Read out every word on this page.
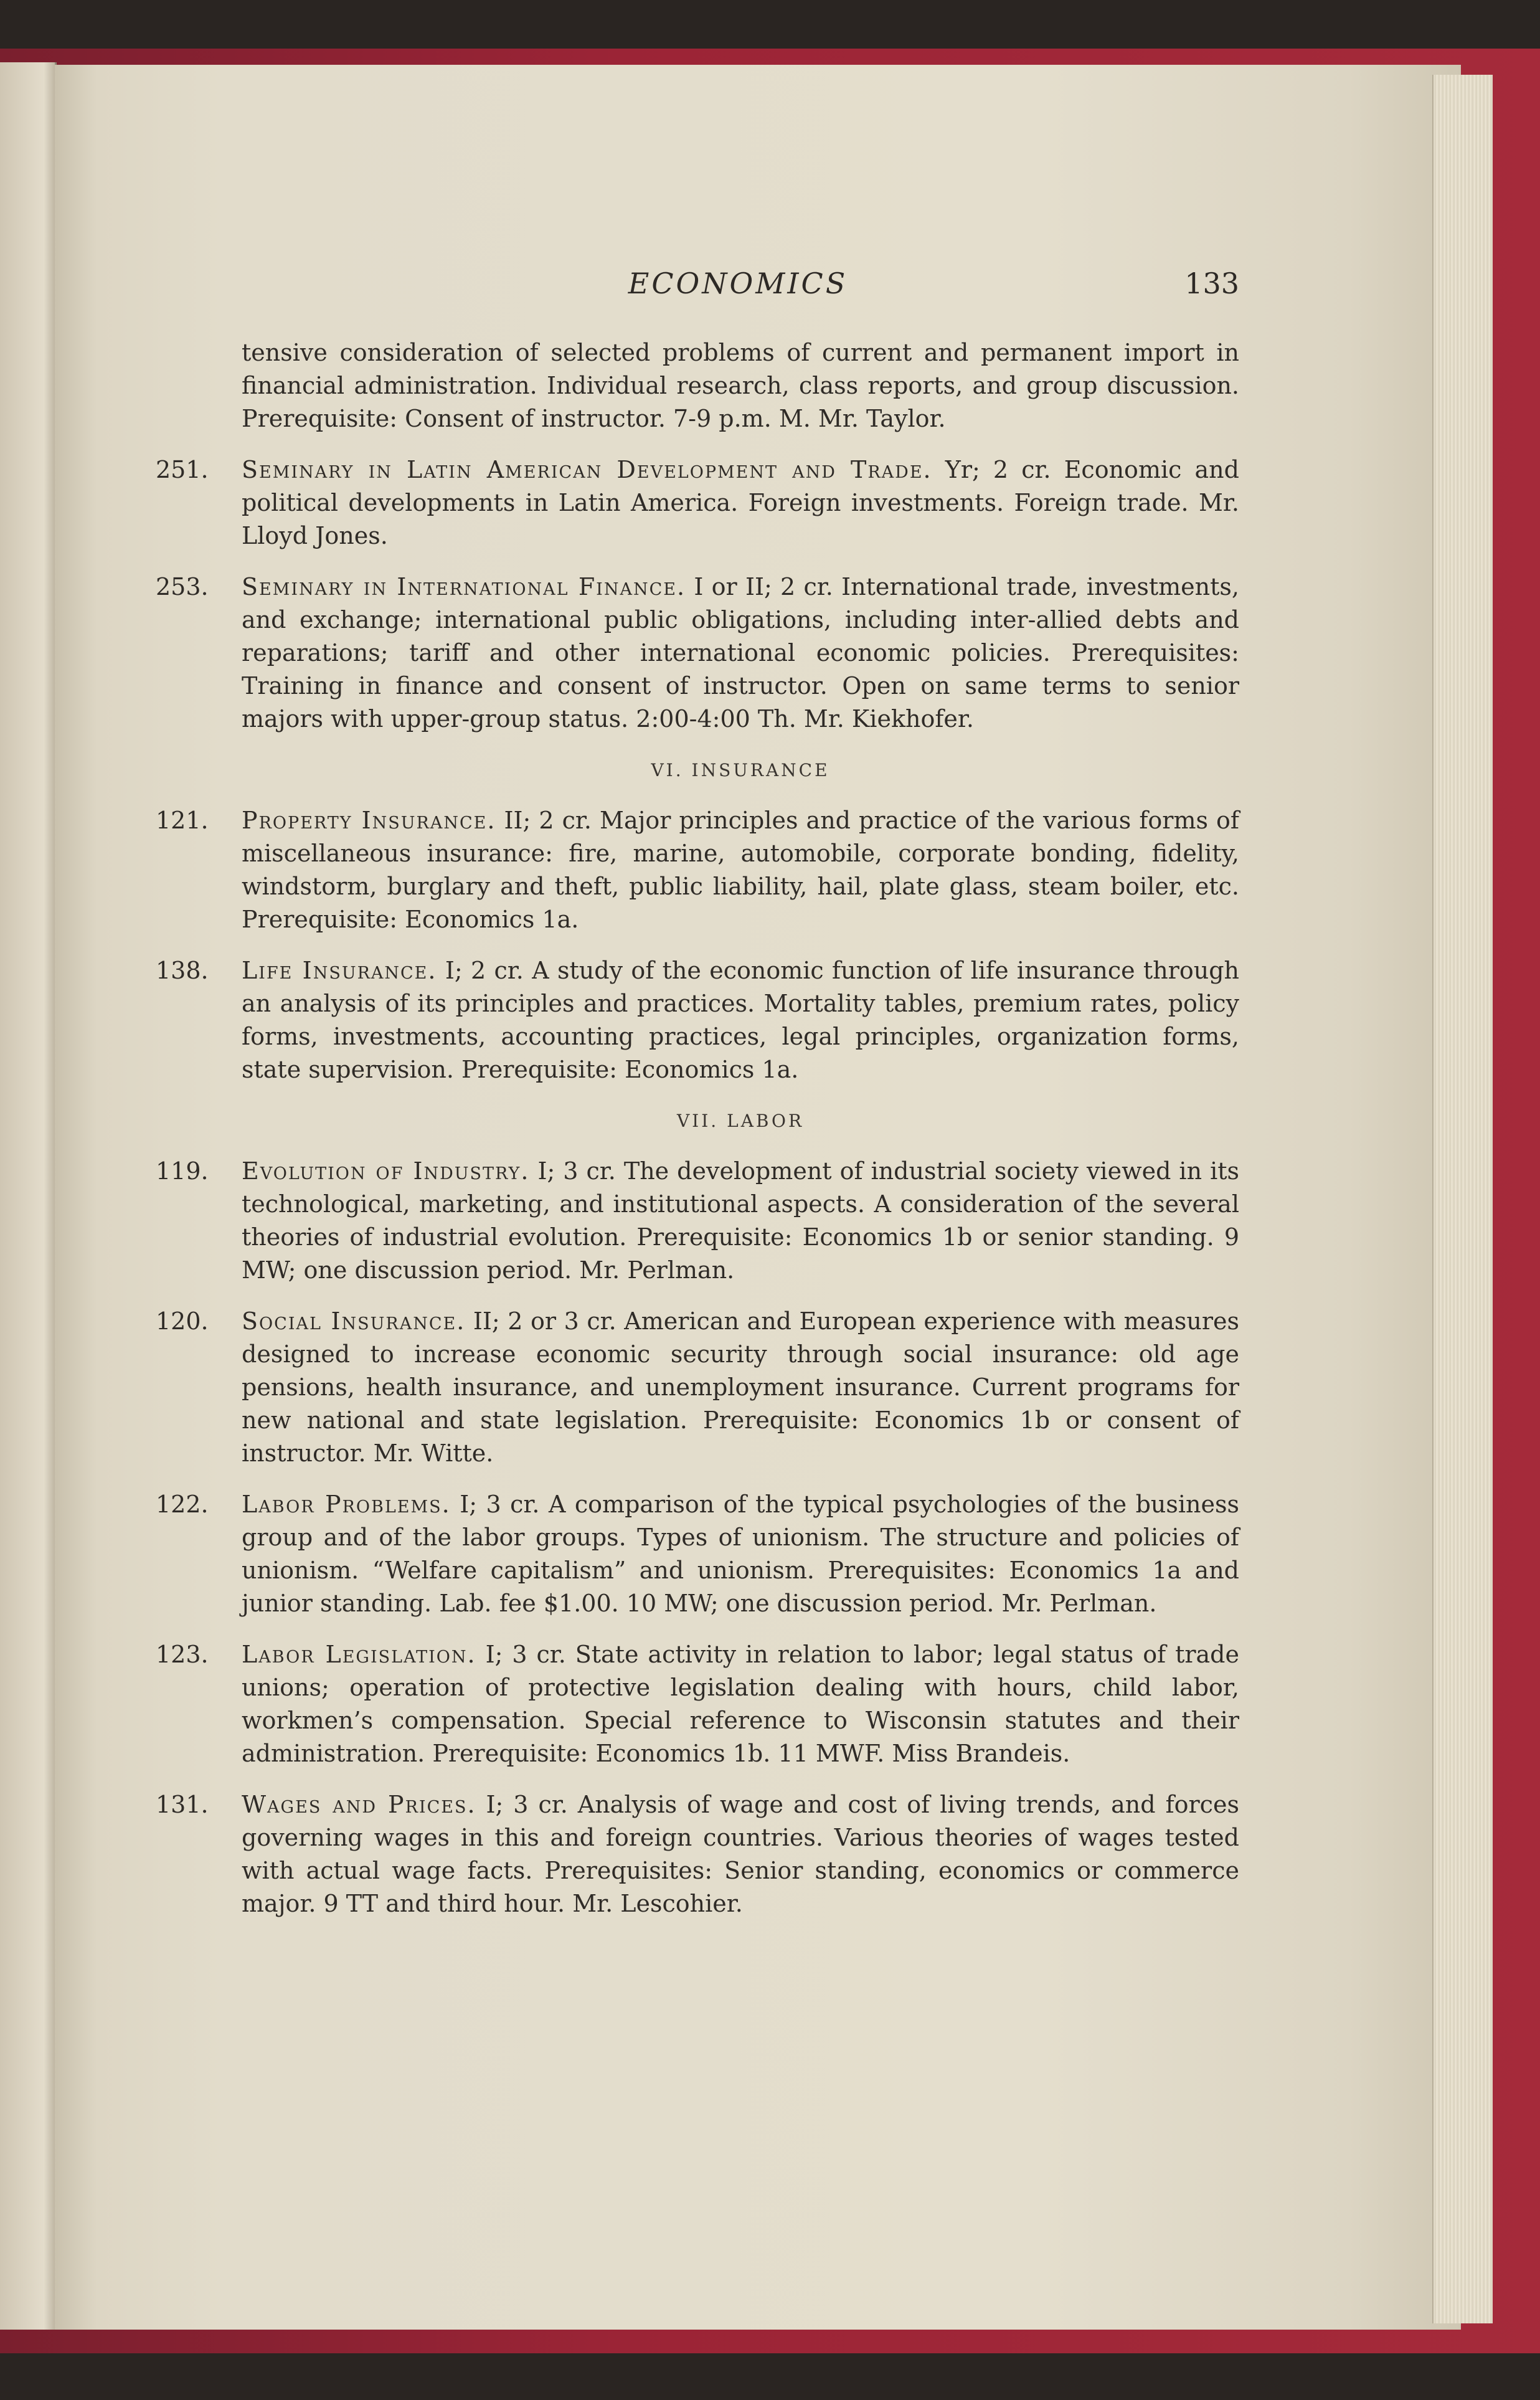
ECONOMICS	133
tensive consideration of selected problems of current and permanent import in financial administration. Individual research, class reports, and group discussion. Prerequisite: Consent of instructor. 7-9 p.m. M. Mr. Taylor.
251. Seminary in Latin American Development and Trade. Yr; 2 cr. Economic and political developments in Latin America. Foreign investments. Foreign trade. Mr. Lloyd Jones.
253. Seminary in International Finance. I or II; 2 cr. International trade, investments, and exchange; international public obligations, including inter-allied debts and reparations; tariff and other international economic policies. Prerequisites: Training in finance and consent of instructor. Open on same terms to senior majors with upper-group status. 2:00-4:00 Th. Mr. Kiekhofer.
VI. INSURANCE
121. Property Insurance. II; 2 cr. Major principles and practice of the various forms of miscellaneous insurance: fire, marine, automobile, corporate bonding, fidelity, windstorm, burglary and theft, public liability, hail, plate glass, steam boiler, etc. Prerequisite: Economics 1a.
138. Life Insurance. I; 2 cr. A study of the economic function of life insurance through an analysis of its principles and practices. Mortality tables, premium rates, policy forms, investments, accounting practices, legal principles, organization forms, state supervision. Prerequisite: Economics 1a.
VII. LABOR
119. Evolution of Industry. I; 3 cr. The development of industrial society viewed in its technological, marketing, and institutional aspects. A consideration of the several theories of industrial evolution. Prerequisite: Economics 1b or senior standing. 9 MW; one discussion period. Mr. Perlman.
120. Social Insurance. II; 2 or 3 cr. American and European experience with measures designed to increase economic security through social insurance: old age pensions, health insurance, and unemployment insurance. Current programs for new national and state legislation. Prerequisite: Economics 1b or consent of instructor. Mr. Witte.
122. Labor Problems. I; 3 cr. A comparison of the typical psychologies of the business group and of the labor groups. Types of unionism. The structure and policies of unionism. “Welfare capitalism” and unionism. Prerequisites: Economics 1a and junior standing. Lab. fee $1.00. 10 MW; one discussion period. Mr. Perlman.
123. Labor Legislation. I; 3 cr. State activity in relation to labor; legal status of trade unions; operation of protective legislation dealing with hours, child labor, workmen’s compensation. Special reference to Wisconsin statutes and their administration. Prerequisite: Economics 1b. 11 MWF. Miss Brandeis.
131. Wages and Prices. I; 3 cr. Analysis of wage and cost of living trends, and forces governing wages in this and foreign countries. Various theories of wages tested with actual wage facts. Prerequisites: Senior standing, economics or commerce major. 9 TT and third hour. Mr. Lescohier.
